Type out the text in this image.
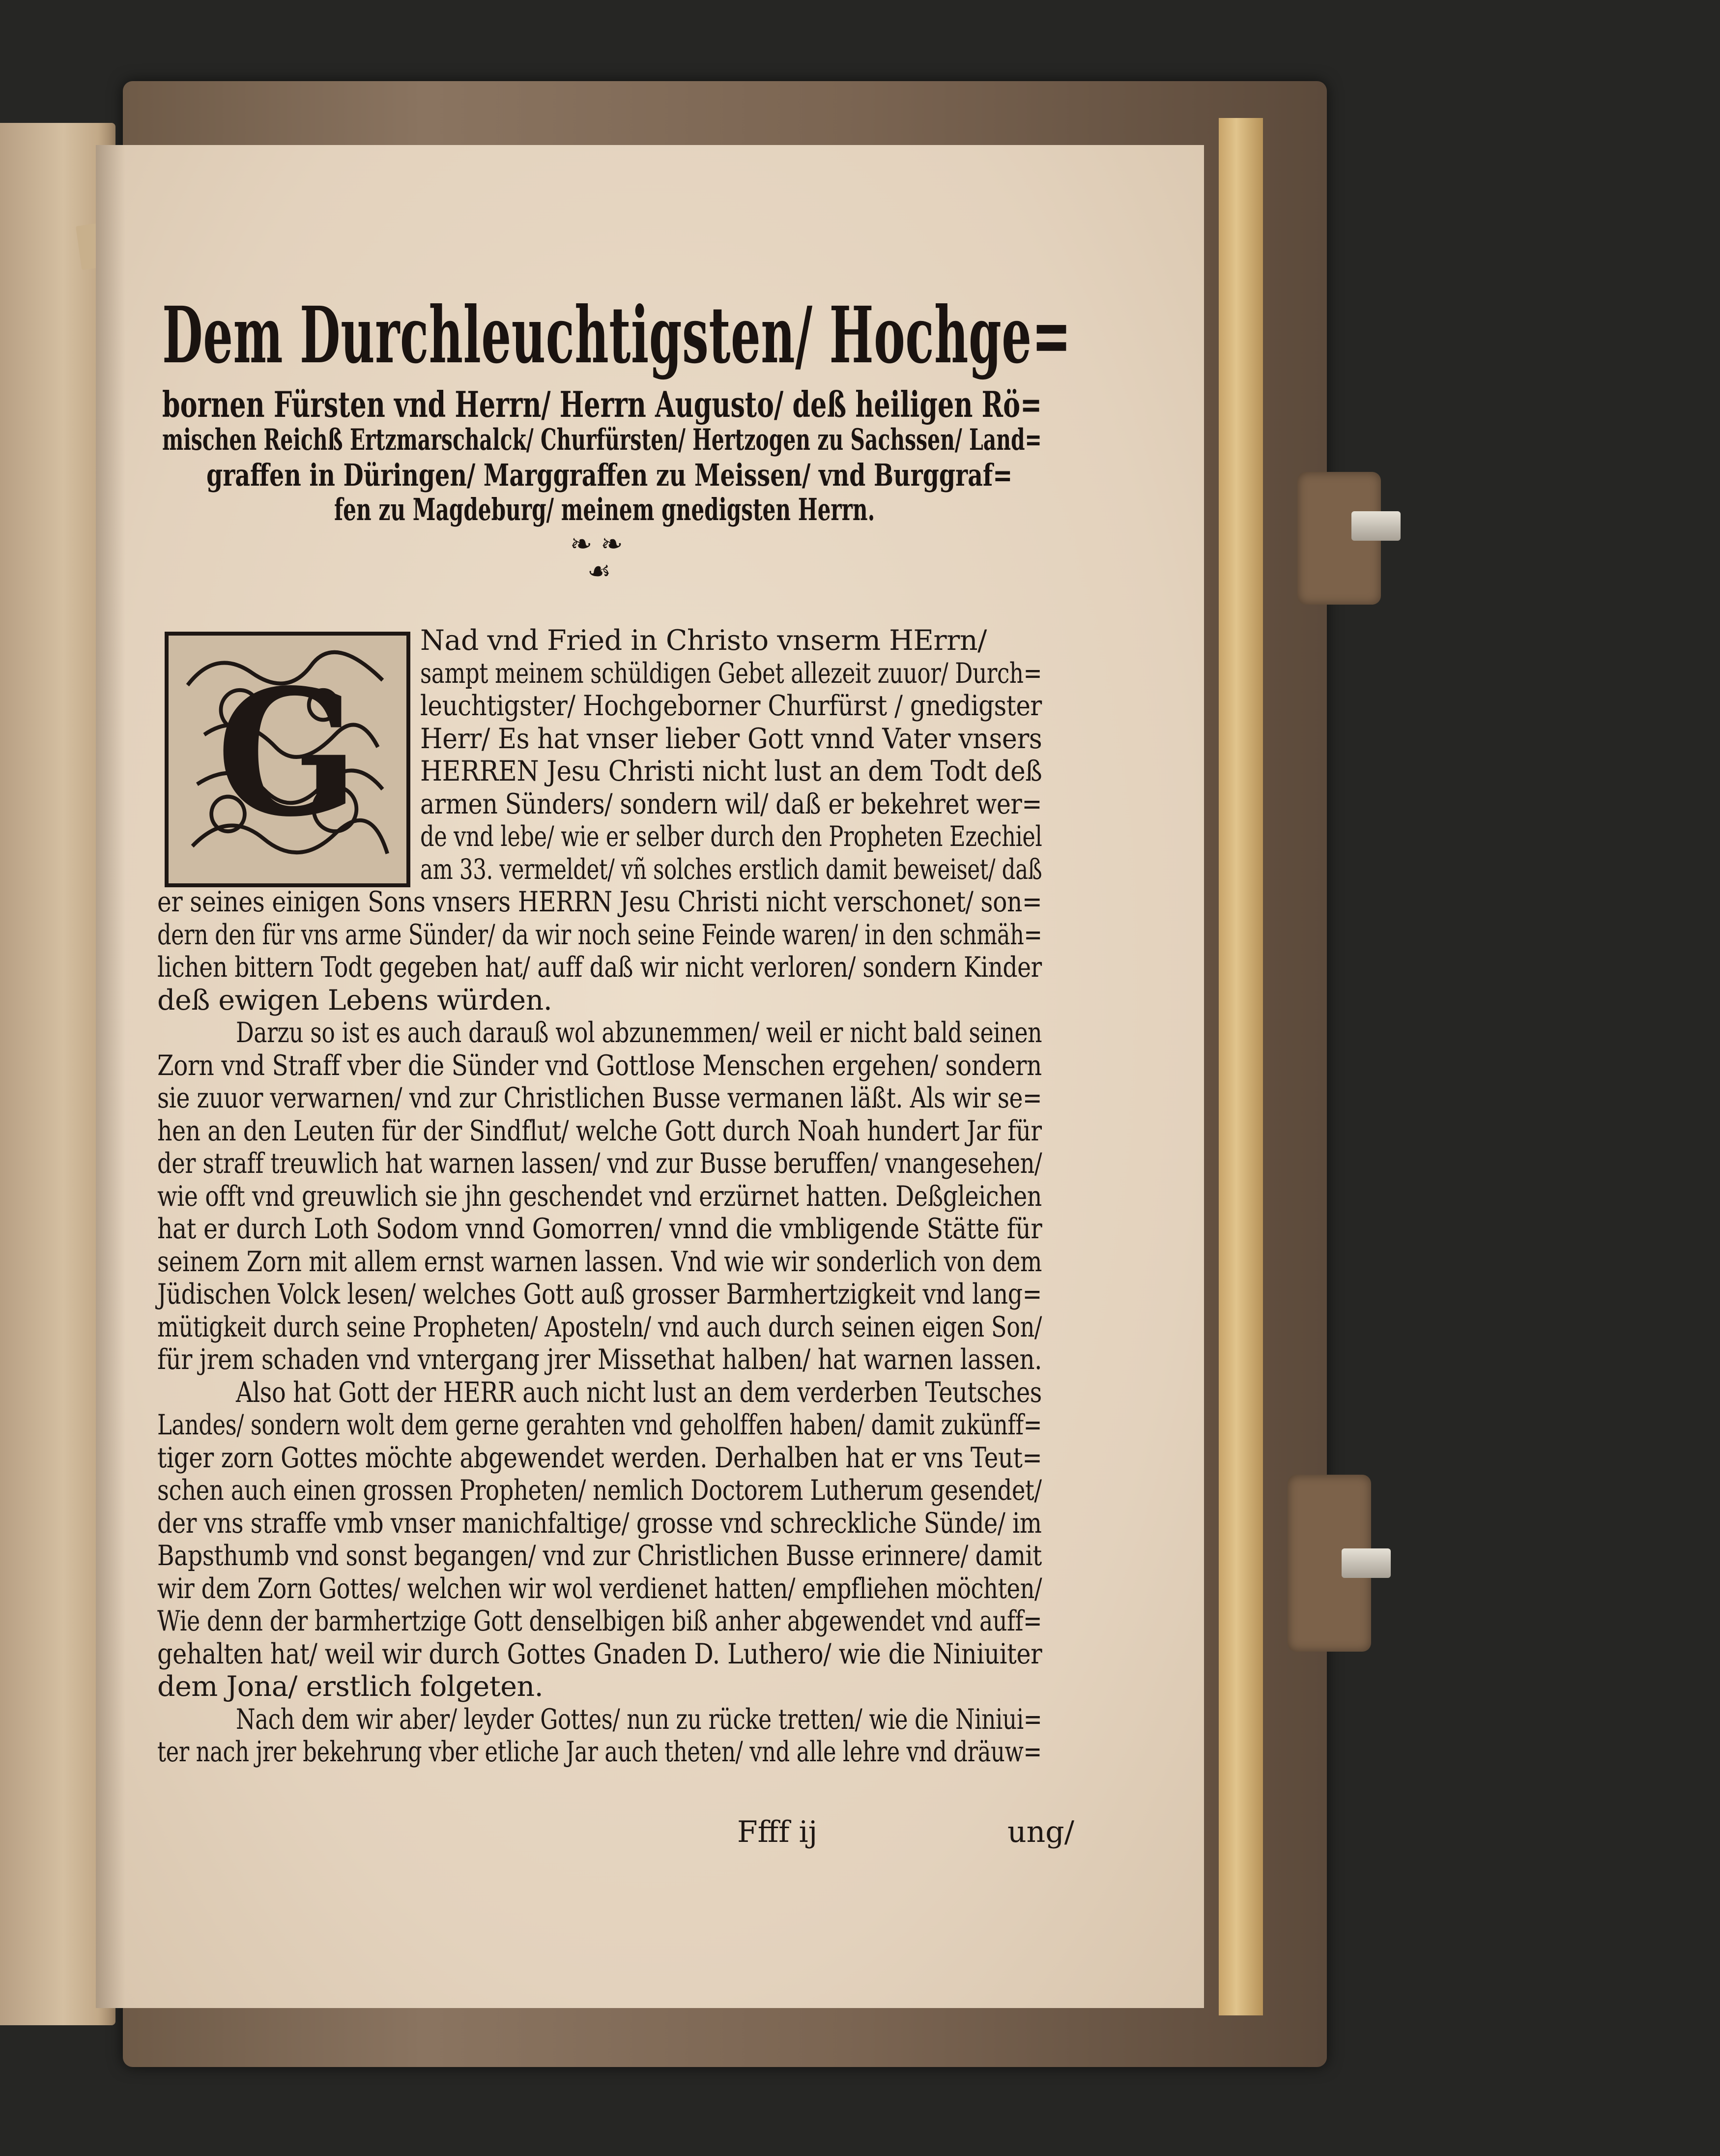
Dem Durchleuchtigsten/ Hochge=
bornen Fürsten vnd Herrn/ Herrn Augusto/ deß heiligen Rö=
mischen Reichß Ertzmarschalck/ Churfürsten/ Hertzogen zu Sachssen/ Land=
graffen in Düringen/ Marggraffen zu Meissen/ vnd Burggraf=
fen zu Magdeburg/ meinem gnedigsten Herrn.
❧ ❧
☙
G
Nad vnd Fried in Christo vnserm HErrn/
sampt meinem schüldigen Gebet allezeit zuuor/ Durch=
leuchtigster/ Hochgeborner Churfürst / gnedigster
Herr/ Es hat vnser lieber Gott vnnd Vater vnsers
HERREN Jesu Christi nicht lust an dem Todt deß
armen Sünders/ sondern wil/ daß er bekehret wer=
de vnd lebe/ wie er selber durch den Propheten Ezechiel
am 33. vermeldet/ vñ solches erstlich damit beweiset/ daß
er seines einigen Sons vnsers HERRN Jesu Christi nicht verschonet/ son=
dern den für vns arme Sünder/ da wir noch seine Feinde waren/ in den schmäh=
lichen bittern Todt gegeben hat/ auff daß wir nicht verloren/ sondern Kinder
deß ewigen Lebens würden.
Darzu so ist es auch darauß wol abzunemmen/ weil er nicht bald seinen
Zorn vnd Straff vber die Sünder vnd Gottlose Menschen ergehen/ sondern
sie zuuor verwarnen/ vnd zur Christlichen Busse vermanen läßt. Als wir se=
hen an den Leuten für der Sindflut/ welche Gott durch Noah hundert Jar für
der straff treuwlich hat warnen lassen/ vnd zur Busse beruffen/ vnangesehen/
wie offt vnd greuwlich sie jhn geschendet vnd erzürnet hatten. Deßgleichen
hat er durch Loth Sodom vnnd Gomorren/ vnnd die vmbligende Stätte für
seinem Zorn mit allem ernst warnen lassen. Vnd wie wir sonderlich von dem
Jüdischen Volck lesen/ welches Gott auß grosser Barmhertzigkeit vnd lang=
mütigkeit durch seine Propheten/ Aposteln/ vnd auch durch seinen eigen Son/
für jrem schaden vnd vntergang jrer Missethat halben/ hat warnen lassen.
Also hat Gott der HERR auch nicht lust an dem verderben Teutsches
Landes/ sondern wolt dem gerne gerahten vnd geholffen haben/ damit zukünff=
tiger zorn Gottes möchte abgewendet werden. Derhalben hat er vns Teut=
schen auch einen grossen Propheten/ nemlich Doctorem Lutherum gesendet/
der vns straffe vmb vnser manichfaltige/ grosse vnd schreckliche Sünde/ im
Bapsthumb vnd sonst begangen/ vnd zur Christlichen Busse erinnere/ damit
wir dem Zorn Gottes/ welchen wir wol verdienet hatten/ empfliehen möchten/
Wie denn der barmhertzige Gott denselbigen biß anher abgewendet vnd auff=
gehalten hat/ weil wir durch Gottes Gnaden D. Luthero/ wie die Niniuiter
dem Jona/ erstlich folgeten.
Nach dem wir aber/ leyder Gottes/ nun zu rücke tretten/ wie die Niniui=
ter nach jrer bekehrung vber etliche Jar auch theten/ vnd alle lehre vnd dräuw=
Ffff ij	ung/
